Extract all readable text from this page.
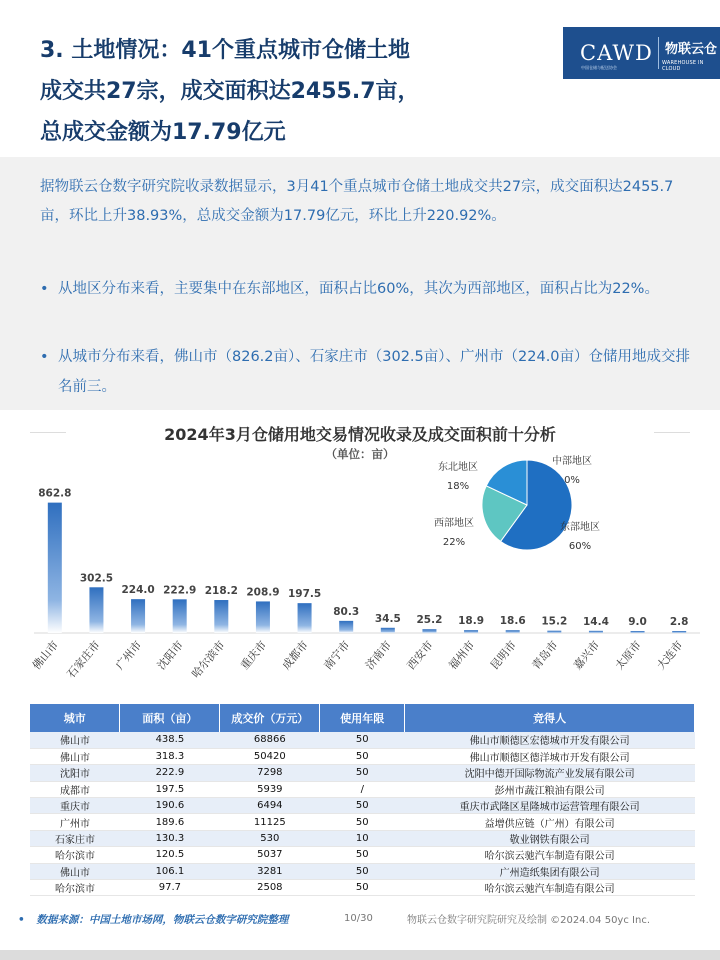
3. 土地情况：41个重点城市仓储土地
成交共27宗，成交面积达2455.7亩，
总成交金额为17.79亿元
CAWD
中国仓储与配送协会
物联云仓
WAREHOUSE IN CLOUD
据物联云仓数字研究院收录数据显示，3月41个重点城市仓储土地成交共27宗，成交面积达2455.7亩，环比上升38.93%，总成交金额为17.79亿元，环比上升220.92%。
• 从地区分布来看，主要集中在东部地区，面积占比60%，其次为西部地区，面积占比为22%。
• 从城市分布来看，佛山市（826.2亩）、石家庄市（302.5亩）、广州市（224.0亩）仓储用地成交排名前三。
2024年3月仓储用地交易情况收录及成交面积前十分析
（单位：亩）
862.8
佛山市
302.5
石家庄市
224.0
广州市
222.9
沈阳市
218.2
哈尔滨市
208.9
重庆市
197.5
成都市
80.3
南宁市
34.5
济南市
25.2
西安市
18.9
福州市
18.6
昆明市
15.2
青岛市
14.4
嘉兴市
9.0
太原市
2.8
大连市
东部地区
60%
西部地区
22%
东北地区
18%
中部地区
0%
城市	面积（亩）	成交价（万元）	使用年限	竞得人
佛山市	438.5	68866	50	佛山市顺德区宏德城市开发有限公司
佛山市	318.3	50420	50	佛山市顺德区德洋城市开发有限公司
沈阳市	222.9	7298	50	沈阳中德开国际物流产业发展有限公司
成都市	197.5	5939	/	彭州市蔬江粮油有限公司
重庆市	190.6	6494	50	重庆市武隆区星隆城市运营管理有限公司
广州市	189.6	11125	50	益增供应链（广州）有限公司
石家庄市	130.3	530	10	敬业钢铁有限公司
哈尔滨市	120.5	5037	50	哈尔滨云驰汽车制造有限公司
佛山市	106.1	3281	50	广州造纸集团有限公司
哈尔滨市	97.7	2508	50	哈尔滨云驰汽车制造有限公司
• 数据来源：中国土地市场网，物联云仓数字研究院整理	10/30	物联云仓数字研究院研究及绘制 ©2024.04 50yc Inc.
